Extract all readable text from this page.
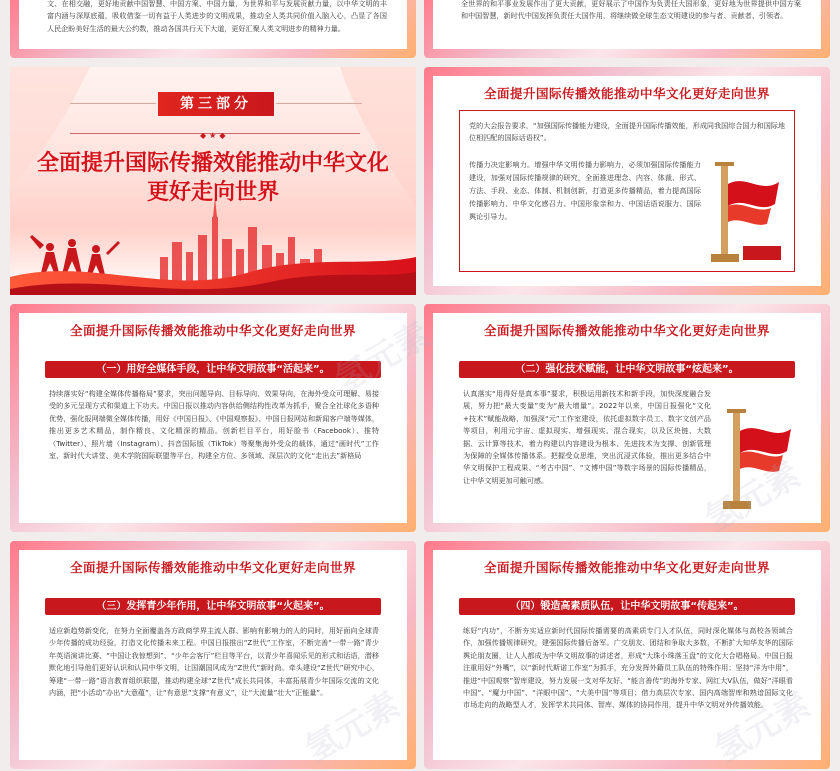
文、在相交融，更好地贡献中国智慧、中国方案、中国力量，为世界和平与发展贡献力量，以中华文明的丰富内涵与深厚底蕴，吸收借鉴一切有益于人类进步的文明成果，推动全人类共同价值入脑入心，凸显了各国人民企盼美好生活的最大公约数，推动各国共行天下大道，更好汇聚人类文明进步的精神力量。
全世界的和平事业发展作出了更大贡献，更好展示了中国作为负责任大国形象，更好地为世界提供中国方案和中国智慧，新时代中国发挥负责任大国作用，将继续做全球生态文明建设的参与者、贡献者、引领者。
第三部分
◆★◆
全面提升国际传播效能推动中华文化更好走向世界
全面提升国际传播效能推动中华文化更好走向世界
党的大会报告要求，“加强国际传播能力建设，全面提升国际传播效能，形成同我国综合国力和国际地位相匹配的国际话语权”。
传播力决定影响力。增强中华文明传播力影响力，必须加强国际传播能力建设，加强对国际传播规律的研究，全面推进理念、内容、体裁、形式、方法、手段、业态、体制、机制创新，打造更多传播精品，着力提高国际传播影响力、中华文化感召力、中国形象亲和力、中国话语说服力、国际舆论引导力。
全面提升国际传播效能推动中华文化更好走向世界
（一）用好全媒体手段，让中华文明故事“活起来”。
持续落实好“构建全媒体传播格局”要求，突出问题导向、目标导向、效果导向，在海外受众可理解、易接受的多元呈现方式和渠道上下功夫。中国日报以推动内容供给侧结构性改革为抓手，聚合全社球化多语种优势，强化报网端微全媒体传播，用好《中国日报》、《中国观察报》、中国日报网站和新闻客户端等媒体，推出更多艺术精品，制作精良、文化精深的精品。创新栏目平台，用好脸书（Facebook）、推特（Twitter）、照片墙（Instagram）、抖音国际版（TikTok）等聚集海外受众的载体，通过“画时代”工作室、新时代大讲堂、美术学院国际联盟等平台，构建全方位、多领域、深层次的文化“走出去”新格局
全面提升国际传播效能推动中华文化更好走向世界
（二）强化技术赋能，让中华文明故事“炫起来”。
认真落实“用得好是真本事”要求，积极运用新技术和新手段，加快深度融合发展，努力把“最大变量”变为“最大增量”。2022年以来，中国日报强化“文化+技术”赋能战略，加强深“元”工作室建设，依托虚拟数字员工、数字文创产品等项目，利用元宇宙、虚拟现实、增强现实、混合现实，以及区块链、大数据、云计算等技术，着力构建以内容建设为根本、先进技术为支撑、创新管理为保障的全媒体传播体系。把握受众思维，突出沉浸式体验，推出更多结合中华文明保护工程成果、“考古中国”、“文博中国”等数字场景的国际传播精品，让中华文明更加可触可感。
全面提升国际传播效能推动中华文化更好走向世界
（三）发挥青少年作用，让中华文明故事“火起来”。
适应新趋势新变化，在努力全面覆盖各方政商学界主流人群、影响有影响力的人的同时，用好面向全球青少年传播的成功经验，打造文化传播未来工程。中国日报推出“Z世代”工作室，不断完善“一带一路”青少年英语演讲比赛、“中国让我惊想到”、“少年会客厅”栏目等平台，以青少年喜闻乐见的形式和话语，潜移默化地引导他们更好认识和认同中华文明，让国潮国风成为“Z世代”新时尚。牵头建设“Z世代”研究中心，筹建“一带一路”语言教育组织联盟，推动构建全球“Z世代”成长共同体，丰富拓展青少年国际交流的文化内涵，把“小活动”办出“大意蕴”，让“有意思”支撑“有意义”，让“大流量”壮大“正能量”。
全面提升国际传播效能推动中华文化更好走向世界
（四）锻造高素质队伍，让中华文明故事“传起来”。
练好“内功”，不断夯实适应新时代国际传播需要的高素质专门人才队伍，同时深化媒体与高校各领域合作，加强传播规律研究，建强国际传播后备军。广交朋友、团结和争取大多数，不断扩大知华友华的国际舆论朋友圈，让人人都成为中华文明故事的讲述者，形成“大珠小珠落玉盘”的文化大合唱格局。中国日报注重用好“外嘴”，以“新时代斯诺工作室”为抓手，充分发挥外籍员工队伍的特殊作用；坚持“洋为中用”，推进“中国观察”智库建设，努力发展一支对华友好、“能言善传”的海外专家、网红大V队伍，做好“洋眼看中国”、“魔力中国”、“洋眼中国”、“大美中国”等项目；借力高层次专家、国内高端智库和熟谙国际文化市场走向的战略型人才，发挥学术共同体、智库、媒体的协同作用，提升中华文明对外传播效能。
